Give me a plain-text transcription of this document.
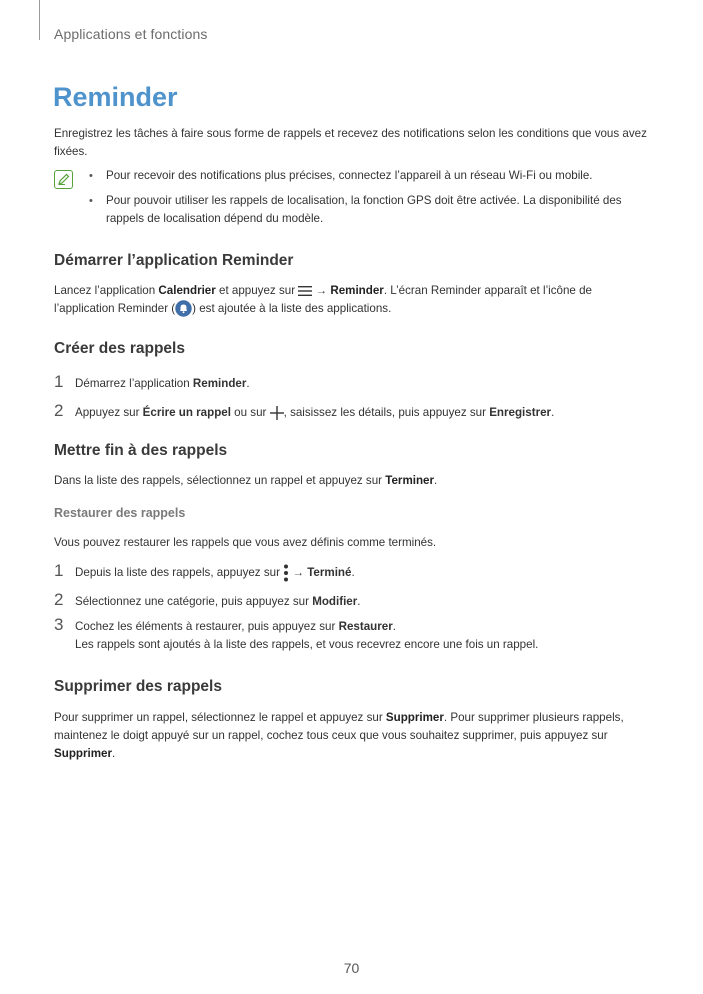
Applications et fonctions
Reminder

Enregistrez les tâches à faire sous forme de rappels et recevez des notifications selon les conditions que vous avez fixées.

• Pour recevoir des notifications plus précises, connectez l’appareil à un réseau Wi-Fi ou mobile.
• Pour pouvoir utiliser les rappels de localisation, la fonction GPS doit être activée. La disponibilité des rappels de localisation dépend du modèle.
Démarrer l’application Reminder

Lancez l’application Calendrier et appuyez sur  → Reminder. L’écran Reminder apparaît et l’icône de l’application Reminder ( ) est ajoutée à la liste des applications.

Créer des rappels
1 Démarrez l’application Reminder.
2 Appuyez sur Écrire un rappel ou sur , saisissez les détails, puis appuyez sur Enregistrer.
Mettre fin à des rappels

Dans la liste des rappels, sélectionnez un rappel et appuyez sur Terminer.

Restaurer des rappels

Vous pouvez restaurer les rappels que vous avez définis comme terminés.

1 Depuis la liste des rappels, appuyez sur  → Terminé.
2 Sélectionnez une catégorie, puis appuyez sur Modifier.
3 Cochez les éléments à restaurer, puis appuyez sur Restaurer.
Les rappels sont ajoutés à la liste des rappels, et vous recevrez encore une fois un rappel.
Supprimer des rappels

Pour supprimer un rappel, sélectionnez le rappel et appuyez sur Supprimer. Pour supprimer plusieurs rappels, maintenez le doigt appuyé sur un rappel, cochez tous ceux que vous souhaitez supprimer, puis appuyez sur Supprimer.

70
